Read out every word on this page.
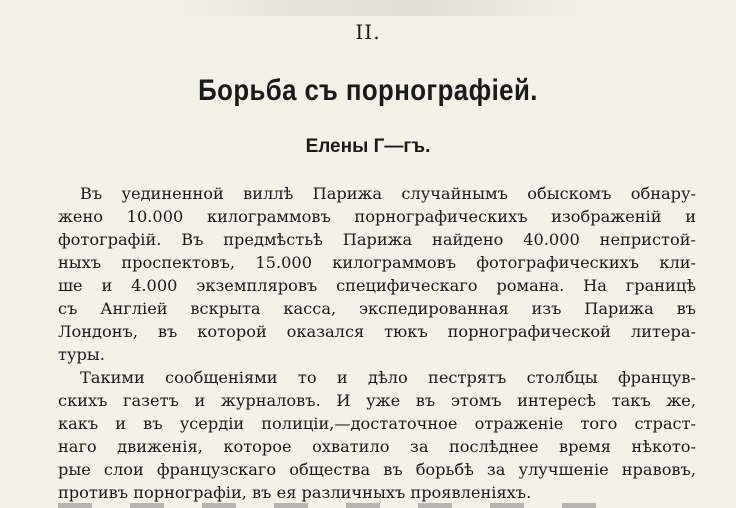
II.
Борьба съ порнографiей.
Елены Г—гъ.
Въ уединенной виллѣ Парижа случайнымъ обыскомъ обнару-
жено 10.000 килограммовъ порнографическихъ изображенiй и
фотографiй. Въ предмѣстьѣ Парижа найдено 40.000 непристой-
ныхъ проспектовъ, 15.000 килограммовъ фотографическихъ кли-
ше и 4.000 экземпляровъ специфическаго романа. На границѣ
съ Англiей вскрыта касса, экспедированная изъ Парижа въ
Лондонъ, въ которой оказался тюкъ порнографической литера-
туры.
Такими сообщенiями то и дѣло пестрятъ столбцы францув-
скихъ газетъ и журналовъ. И уже въ этомъ интересѣ такъ же,
какъ и въ усердiи полицiи,—достаточное отраженiе того страст-
наго движенiя, которое охватило за послѣднее время нѣкото-
рые слои французскаго общества въ борьбѣ за улучшенiе нравовъ,
противъ порнографiи, въ ея различныхъ проявленiяхъ.
